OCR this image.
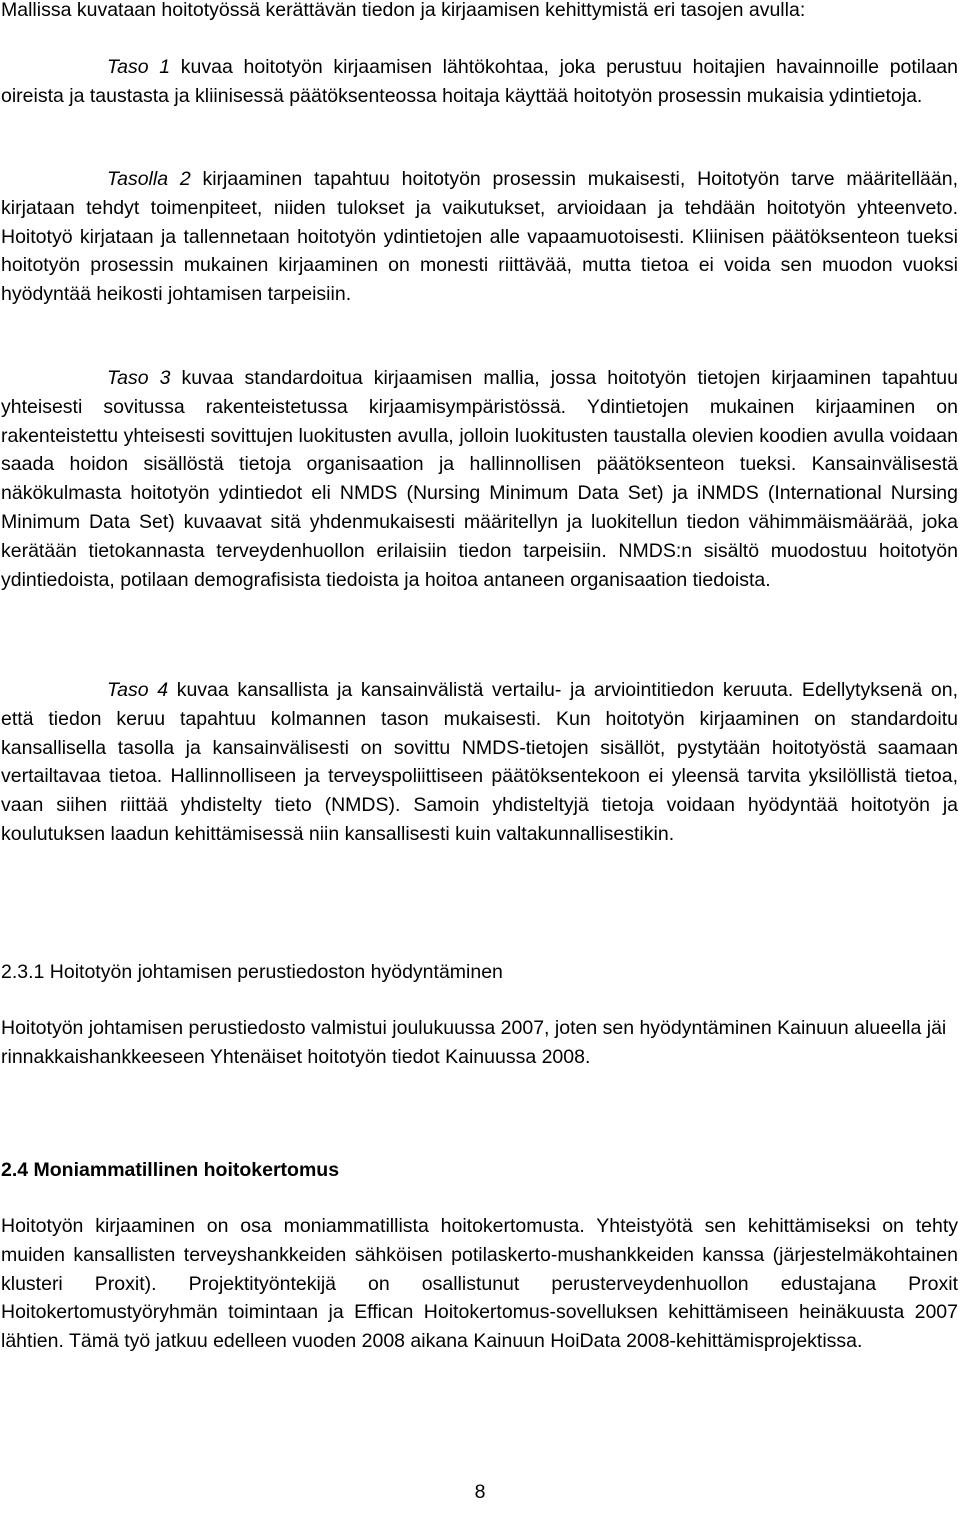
Mallissa kuvataan hoitotyössä kerättävän tiedon ja kirjaamisen kehittymistä eri tasojen avulla:

Taso 1 kuvaa hoitotyön kirjaamisen lähtökohtaa, joka perustuu hoitajien havainnoille potilaan oireista ja taustasta ja kliinisessä päätöksenteossa hoitaja käyttää hoitotyön prosessin mukaisia ydintietoja.

Tasolla 2 kirjaaminen tapahtuu hoitotyön prosessin mukaisesti, Hoitotyön tarve määritellään, kirjataan tehdyt toimenpiteet, niiden tulokset ja vaikutukset, arvioidaan ja tehdään hoitotyön yhteenveto. Hoitotyö kirjataan ja tallennetaan hoitotyön ydintietojen alle vapaamuotoisesti. Kliinisen päätöksenteon tueksi hoitotyön prosessin mukainen kirjaaminen on monesti riittävää, mutta tietoa ei voida sen muodon vuoksi hyödyntää heikosti johtamisen tarpeisiin.

Taso 3 kuvaa standardoitua kirjaamisen mallia, jossa hoitotyön tietojen kirjaaminen tapahtuu yhteisesti sovitussa rakenteistetussa kirjaamisympäristössä. Ydintietojen mukainen kirjaaminen on rakenteistettu yhteisesti sovittujen luokitusten avulla, jolloin luokitusten taustalla olevien koodien avulla voidaan saada hoidon sisällöstä tietoja organisaation ja hallinnollisen päätöksenteon tueksi. Kansainvälisestä näkökulmasta hoitotyön ydintiedot eli NMDS (Nursing Minimum Data Set) ja iNMDS (International Nursing Minimum Data Set) kuvaavat sitä yhdenmukaisesti määritellyn ja luokitellun tiedon vähimmäismäärää, joka kerätään tietokannasta terveydenhuollon erilaisiin tiedon tarpeisiin. NMDS:n sisältö muodostuu hoitotyön ydintiedoista, potilaan demografisista tiedoista ja hoitoa antaneen organisaation tiedoista.

Taso 4 kuvaa kansallista ja kansainvälistä vertailu- ja arviointitiedon keruuta. Edellytyksenä on, että tiedon keruu tapahtuu kolmannen tason mukaisesti. Kun hoitotyön kirjaaminen on standardoitu kansallisella tasolla ja kansainvälisesti on sovittu NMDS-tietojen sisällöt, pystytään hoitotyöstä saamaan vertailtavaa tietoa. Hallinnolliseen ja terveyspoliittiseen päätöksentekoon ei yleensä tarvita yksilöllistä tietoa, vaan siihen riittää yhdistelty tieto (NMDS). Samoin yhdisteltyjä tietoja voidaan hyödyntää hoitotyön ja koulutuksen laadun kehittämisessä niin kansallisesti kuin valtakunnallisestikin.

2.3.1 Hoitotyön johtamisen perustiedoston hyödyntäminen

Hoitotyön johtamisen perustiedosto valmistui joulukuussa 2007, joten sen hyödyntäminen Kainuun alueella jäi rinnakkaishankkeeseen Yhtenäiset hoitotyön tiedot Kainuussa 2008.

2.4 Moniammatillinen hoitokertomus

Hoitotyön kirjaaminen on osa moniammatillista hoitokertomusta. Yhteistyötä sen kehittämiseksi on tehty muiden kansallisten terveyshankkeiden sähköisen potilaskerto-mushankkeiden kanssa (järjestelmäkohtainen klusteri Proxit). Projektityöntekijä on osallistunut perusterveydenhuollon edustajana Proxit Hoitokertomustyöryhmän toimintaan ja Effican Hoitokertomus-sovelluksen kehittämiseen heinäkuusta 2007 lähtien. Tämä työ jatkuu edelleen vuoden 2008 aikana Kainuun HoiData 2008-kehittämisprojektissa.

8
